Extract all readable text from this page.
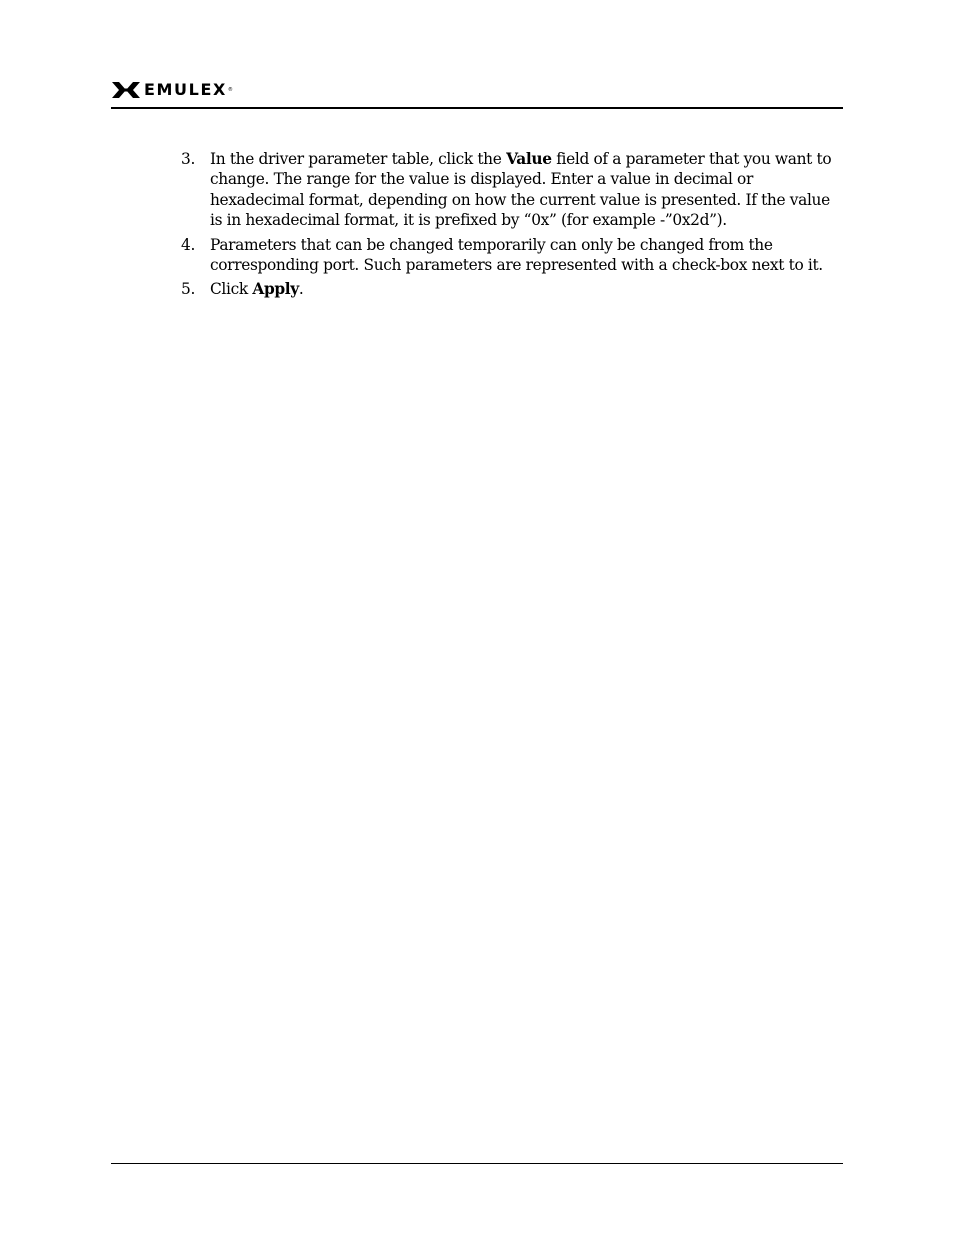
EMULEX ®
3. In the driver parameter table, click the Value field of a parameter that you want to change. The range for the value is displayed. Enter a value in decimal or hexadecimal format, depending on how the current value is presented. If the value is in hexadecimal format, it is prefixed by “0x” (for example -”0x2d”).
4. Parameters that can be changed temporarily can only be changed from the corresponding port. Such parameters are represented with a check-box next to it.
5. Click Apply.
